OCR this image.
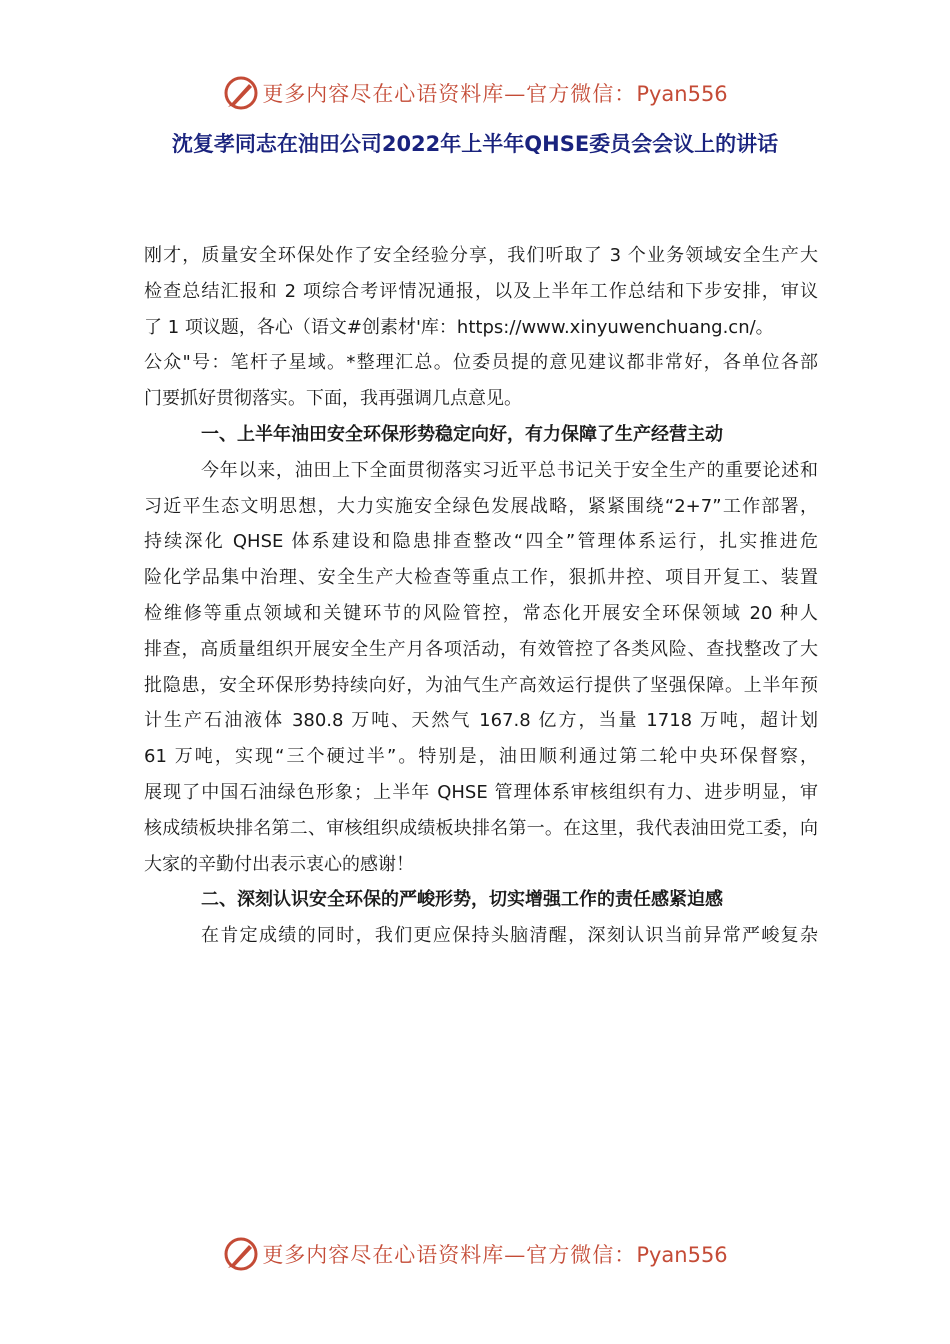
更多内容尽在心语资料库—官方微信：Pyan556
沈复孝同志在油田公司2022年上半年QHSE委员会会议上的讲话
刚才，质量安全环保处作了安全经验分享，我们听取了 3 个业务领域安全生产大
检查总结汇报和 2 项综合考评情况通报，以及上半年工作总结和下步安排，审议
了 1 项议题，各心（语文#创素材'库：https://www.xinyuwenchuang.cn/。
公众"号：笔杆子星域。*整理汇总。位委员提的意见建议都非常好，各单位各部
门要抓好贯彻落实。下面，我再强调几点意见。
一、上半年油田安全环保形势稳定向好，有力保障了生产经营主动
今年以来，油田上下全面贯彻落实习近平总书记关于安全生产的重要论述和
习近平生态文明思想，大力实施安全绿色发展战略，紧紧围绕“2+7”工作部署，
持续深化 QHSE 体系建设和隐患排查整改“四全”管理体系运行，扎实推进危
险化学品集中治理、安全生产大检查等重点工作，狠抓井控、项目开复工、装置
检维修等重点领域和关键环节的风险管控，常态化开展安全环保领域 20 种人
排查，高质量组织开展安全生产月各项活动，有效管控了各类风险、查找整改了大
批隐患，安全环保形势持续向好，为油气生产高效运行提供了坚强保障。上半年预
计生产石油液体 380.8 万吨、天然气 167.8 亿方，当量 1718 万吨，超计划
61 万吨，实现“三个硬过半”。特别是，油田顺利通过第二轮中央环保督察，
展现了中国石油绿色形象；上半年 QHSE 管理体系审核组织有力、进步明显，审
核成绩板块排名第二、审核组织成绩板块排名第一。在这里，我代表油田党工委，向
大家的辛勤付出表示衷心的感谢！
二、深刻认识安全环保的严峻形势，切实增强工作的责任感紧迫感
在肯定成绩的同时，我们更应保持头脑清醒，深刻认识当前异常严峻复杂
更多内容尽在心语资料库—官方微信：Pyan556
